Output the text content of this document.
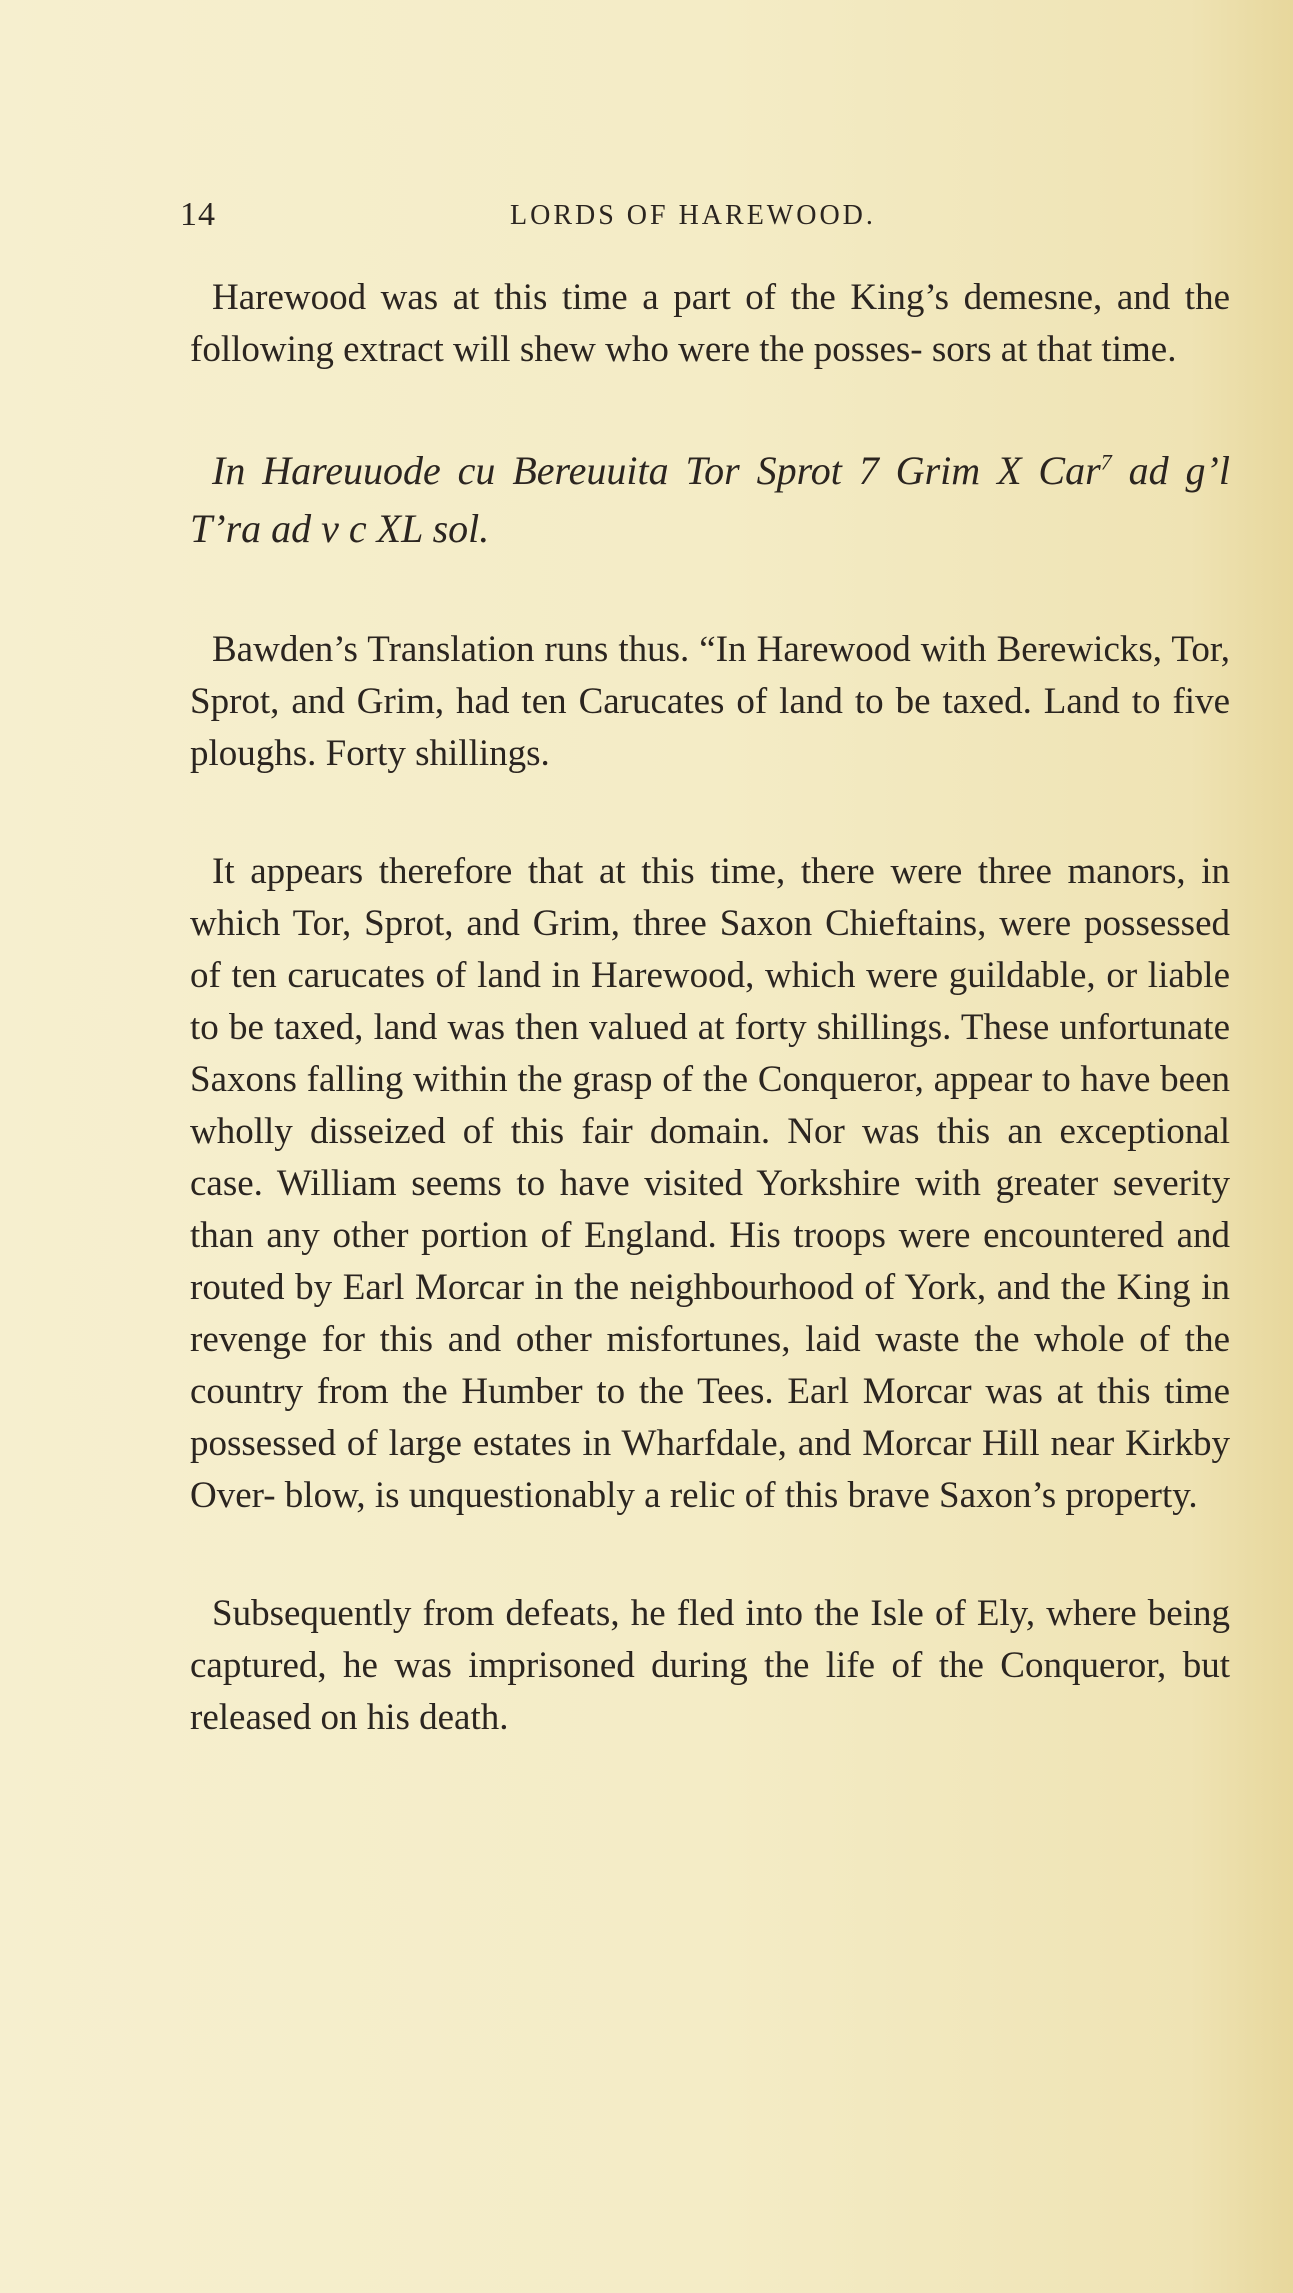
14	LORDS OF HAREWOOD.

Harewood was at this time a part of the King’s demesne, and the following extract will shew who were the posses- sors at that time.

In Hareuuode cu Bereuuita Tor Sprot 7 Grim X Car$^7$ ad g’l T’ra ad v c XL sol.

Bawden’s Translation runs thus. “In Harewood with Berewicks, Tor, Sprot, and Grim, had ten Carucates of land to be taxed. Land to five ploughs. Forty shillings.

It appears therefore that at this time, there were three manors, in which Tor, Sprot, and Grim, three Saxon Chieftains, were possessed of ten carucates of land in Harewood, which were guildable, or liable to be taxed, land was then valued at forty shillings. These unfortunate Saxons falling within the grasp of the Conqueror, appear to have been wholly disseized of this fair domain. Nor was this an exceptional case. William seems to have visited Yorkshire with greater severity than any other portion of England. His troops were encountered and routed by Earl Morcar in the neighbourhood of York, and the King in revenge for this and other misfortunes, laid waste the whole of the country from the Humber to the Tees. Earl Morcar was at this time possessed of large estates in Wharfdale, and Morcar Hill near Kirkby Over- blow, is unquestionably a relic of this brave Saxon’s property.

Subsequently from defeats, he fled into the Isle of Ely, where being captured, he was imprisoned during the life of the Conqueror, but released on his death.
